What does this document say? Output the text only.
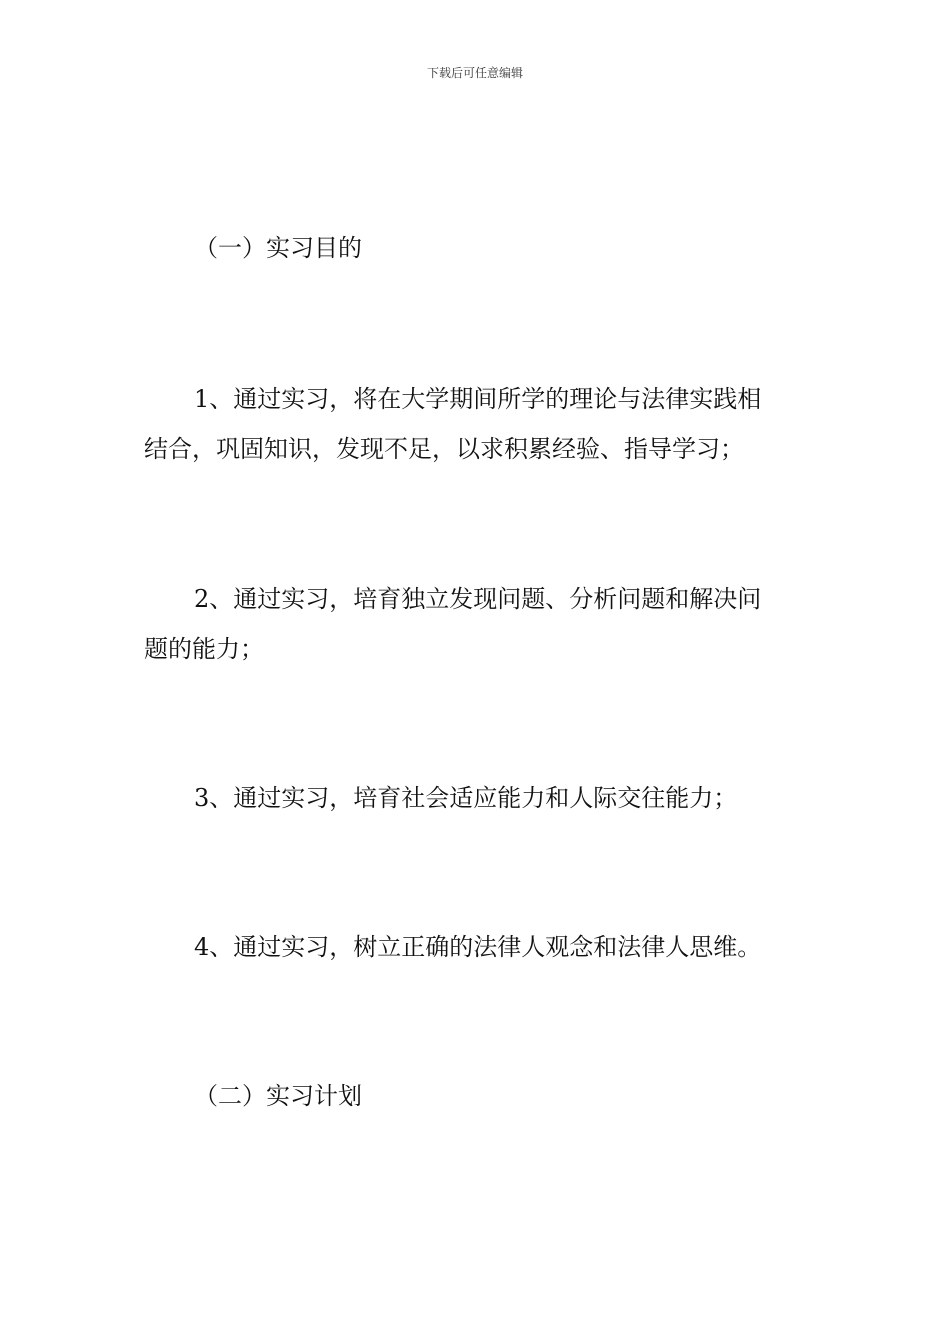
下载后可任意编辑
（一）实习目的
1、通过实习，将在大学期间所学的理论与法律实践相
结合，巩固知识，发现不足，以求积累经验、指导学习；
2、通过实习，培育独立发现问题、分析问题和解决问
题的能力；
3、通过实习，培育社会适应能力和人际交往能力；
4、通过实习，树立正确的法律人观念和法律人思维。
（二）实习计划
